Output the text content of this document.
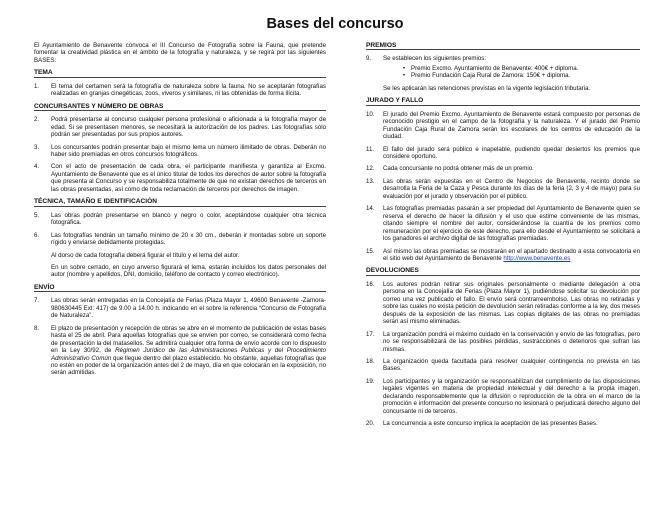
Bases del concurso

El Ayuntamiento de Benavente convoca el III Concurso de Fotografía sobre la Fauna, que pretende fomentar la creatividad plástica en el ámbito de la fotografía y naturaleza, y se regirá por las siguientes BASES:

TEMA
1.	El tema del certamen será la fotografía de naturaleza sobre la fauna. No se aceptarán fotografías realizadas en granjas cinegéticas, zoos, viveros y similares, ni las obtenidas de forma ilícita.
CONCURSANTES Y NÚMERO DE OBRAS
2.	Podrá presentarse al concurso cualquier persona profesional o aficionada a la fotografía mayor de edad. Si se presentasen menores, se necesitará la autorización de los padres. Las fotografías sólo podrán ser presentadas por sus propios autores.
3.	Los concursantes podrán presentar bajo el mismo lema un número ilimitado de obras. Deberán no haber sido premiadas en otros concursos fotográficos.
4.	Con el acto de presentación de cada obra, el participante manifiesta y garantiza al Excmo. Ayuntamiento de Benavente que es el único titular de todos los derechos de autor sobre la fotografía que presenta al Concurso y se responsabiliza totalmente de que no existan derechos de terceros en las obras presentadas, así como de toda reclamación de terceros por derechos de imagen.
TÉCNICA, TAMAÑO E IDENTIFICACIÓN
5.	Las obras podrán presentarse en blanco y negro o color, aceptándose cualquier otra técnica fotográfica.
6.	Las fotografías tendrán un tamaño mínimo de 20 x 30 cm., deberán ir montadas sobre un soporte rígido y enviarse debidamente protegidas.

Al dorso de cada fotografía deberá figurar el título y el lema del autor.

En un sobre cerrado, en cuyo anverso figurará el lema, estarán incluidos los datos personales del autor (nombre y apellidos, DNI, domicilio, teléfono de contacto y correo electrónico).

ENVÍO
7.	Las obras serán entregadas en la Concejalía de Ferias (Plaza Mayor 1, 49600 Benavente -Zamora- 980630445 Ext: 417) de 9.00 a 14.00 h. indicando en el sobre la referencia “Concurso de Fotografía de Naturaleza”.
8.	El plazo de presentación y recepción de obras se abre en el momento de publicación de estas bases hasta el 25 de abril. Para aquellas fotografías que se envíen por correo, se considerará como fecha de presentación la del matasellos. Se admitirá cualquier otra forma de envío acorde con lo dispuesto en la Ley 30/92, de Régimen Jurídico de las Administraciones Publicas y del Procedimiento Administrativo Común que llegue dentro del plazo establecido. No obstante, aquellas fotografías que no estén en poder de la organización antes del 2 de mayo, día en que colocarán en la exposición, no serán admitidas.
PREMIOS
9.	Se establecen los siguientes premios:
• Premio Excmo. Ayuntamiento de Benavente: 400€ + diploma.
• Premio Fundación Caja Rural de Zamora: 150€ + diploma.

Se les aplicarán las retenciones previstas en la vigente legislación tributaria.

JURADO Y FALLO
10.	El jurado del Premio Excmo. Ayuntamiento de Benavente estará compuesto por personas de reconocido prestigio en el campo de la fotografía y la naturaleza. Y el jurado del Premio Fundación Caja Rural de Zamora serán los escolares de los centros de educación de la ciudad.
11.	El fallo del jurado será público e inapelable, pudiendo quedar desiertos los premios que considere oportuno.
12.	Cada concursante no podrá obtener más de un premio.
13.	Las obras serán expuestas en el Centro de Negocios de Benavente, recinto donde se desarrolla la Feria de la Caza y Pesca durante los días de la feria (2, 3 y 4 de mayo) para su evaluación por el jurado y observación por el público.
14.	Las fotografías premiadas pasarán a ser propiedad del Ayuntamiento de Benavente quien se reserva el derecho de hacer la difusión y el uso que estime conveniente de las mismas, citando siempre el nombre del autor, considerándose la cuantía de los premios como remuneración por el ejercicio de este derecho, para ello desde el Ayuntamiento se solicitará a los ganadores el archivo digital de las fotografías premiadas.
15.	Así mismo las obras premiadas se mostrarán en el apartado destinado a esta convocatoria en el sitio web del Ayuntamiento de Benavente http://www.benavente.es
DEVOLUCIONES
16.	Los autores podrán retirar sus originales personalmente o mediante delegación a otra persona en la Concejalía de Ferias (Plaza Mayor 1), pudiéndose solicitar su devolución por correo una vez publicado el fallo. El envío será contrarreembolso. Las obras no retiradas y sobre las cuales no exista petición de devolución serán retiradas conforme a la ley, dos meses después de la exposición de las mismas. Las copias digitales de las obras no premiadas serán así mismo eliminadas.
17.	La organización pondrá el máximo cuidado en la conservación y envío de las fotografías, pero no se responsabilizará de las posibles pérdidas, sustracciones o deterioros que sufran las mismas.
18.	La organización queda facultada para resolver cualquier contingencia no prevista en las Bases.
19.	Los participantes y la organización se responsabilizan del cumplimiento de las disposiciones legales vigentes en materia de propiedad intelectual y del derecho a la propia imagen, declarando responsablemente que la difusión o reproducción de la obra en el marco de la promoción e información del presente concurso no lesionará o perjudicará derecho alguno del concursante ni de terceros.
20.	La concurrencia a este concurso implica la aceptación de las presentes Bases.
